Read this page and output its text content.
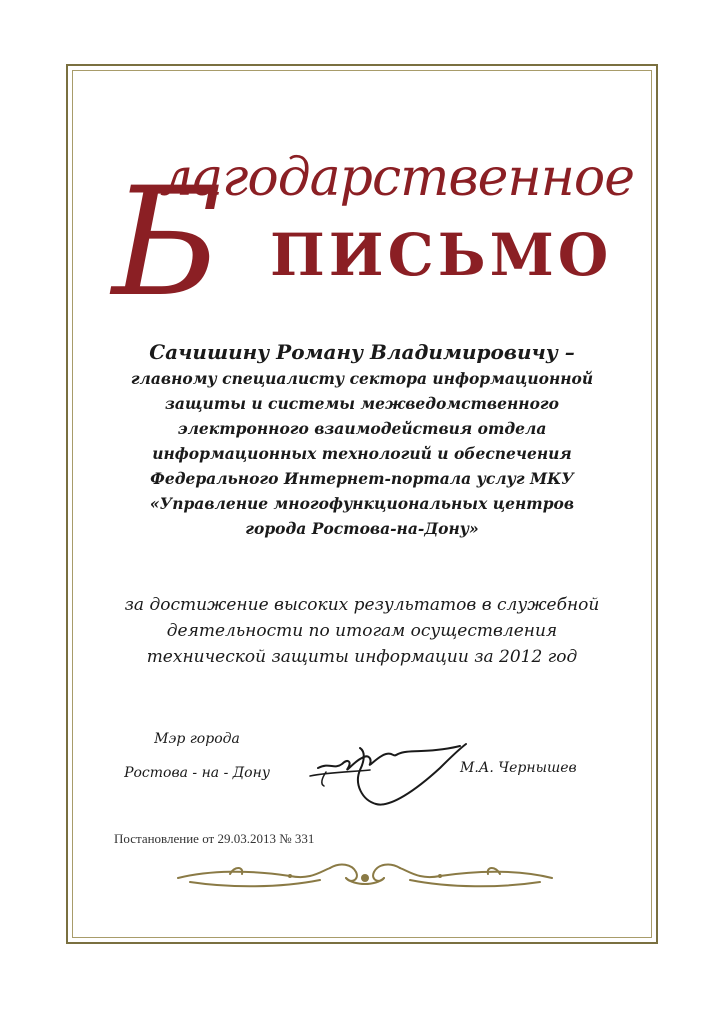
Б
лагодарственное
ПИСЬМО
Сачишину Роману Владимировичу –
главному специалисту сектора информационной
защиты и системы межведомственного
электронного взаимодействия отдела
информационных технологий и обеспечения
Федерального Интернет-портала услуг МКУ
«Управление многофункциональных центров
города Ростова-на-Дону»
за достижение высоких результатов в служебной
деятельности по итогам осуществления
технической защиты информации за 2012 год
Мэр города
Ростова - на - Дону	М.А. Чернышев
Постановление от 29.03.2013 № 331
